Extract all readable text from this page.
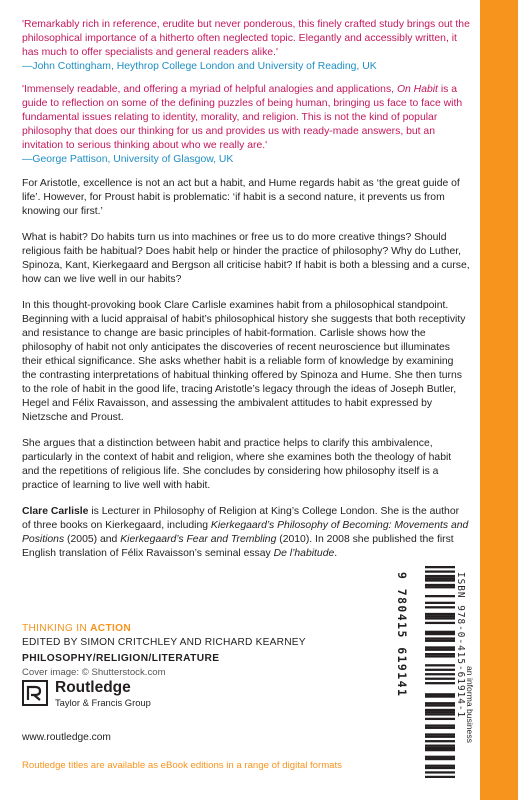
'Remarkably rich in reference, erudite but never ponderous, this finely crafted study brings out the philosophical importance of a hitherto often neglected topic. Elegantly and accessibly written, it has much to offer specialists and general readers alike.'

—John Cottingham, Heythrop College London and University of Reading, UK

'Immensely readable, and offering a myriad of helpful analogies and applications, On Habit is a guide to reflection on some of the defining puzzles of being human, bringing us face to face with fundamental issues relating to identity, morality, and religion. This is not the kind of popular philosophy that does our thinking for us and provides us with ready-made answers, but an invitation to serious thinking about who we really are.'

—George Pattison, University of Glasgow, UK

For Aristotle, excellence is not an act but a habit, and Hume regards habit as ‘the great guide of life’. However, for Proust habit is problematic: ‘if habit is a second nature, it prevents us from knowing our first.’

What is habit? Do habits turn us into machines or free us to do more creative things? Should religious faith be habitual? Does habit help or hinder the practice of philosophy? Why do Luther, Spinoza, Kant, Kierkegaard and Bergson all criticise habit? If habit is both a blessing and a curse, how can we live well in our habits?

In this thought-provoking book Clare Carlisle examines habit from a philosophical standpoint. Beginning with a lucid appraisal of habit’s philosophical history she suggests that both receptivity and resistance to change are basic principles of habit-formation. Carlisle shows how the philosophy of habit not only anticipates the discoveries of recent neuroscience but illuminates their ethical significance. She asks whether habit is a reliable form of knowledge by examining the contrasting interpretations of habitual thinking offered by Spinoza and Hume. She then turns to the role of habit in the good life, tracing Aristotle’s legacy through the ideas of Joseph Butler, Hegel and Félix Ravaisson, and assessing the ambivalent attitudes to habit expressed by Nietzsche and Proust.

She argues that a distinction between habit and practice helps to clarify this ambivalence, particularly in the context of habit and religion, where she examines both the theology of habit and the repetitions of religious life. She concludes by considering how philosophy itself is a practice of learning to live well with habit.

Clare Carlisle is Lecturer in Philosophy of Religion at King’s College London. She is the author of three books on Kierkegaard, including Kierkegaard’s Philosophy of Becoming: Movements and Positions (2005) and Kierkegaard’s Fear and Trembling (2010). In 2008 she published the first English translation of Félix Ravaisson’s seminal essay De l’habitude.

THINKING IN ACTION
EDITED BY SIMON CRITCHLEY AND RICHARD KEARNEY
PHILOSOPHY/RELIGION/LITERATURE
Cover image: © Shutterstock.com
Routledge
Taylor & Francis Group
www.routledge.com
Routledge titles are available as eBook editions in a range of digital formats
9 780415 619141	ISBN 978-0-415-61914-1 an informa business
